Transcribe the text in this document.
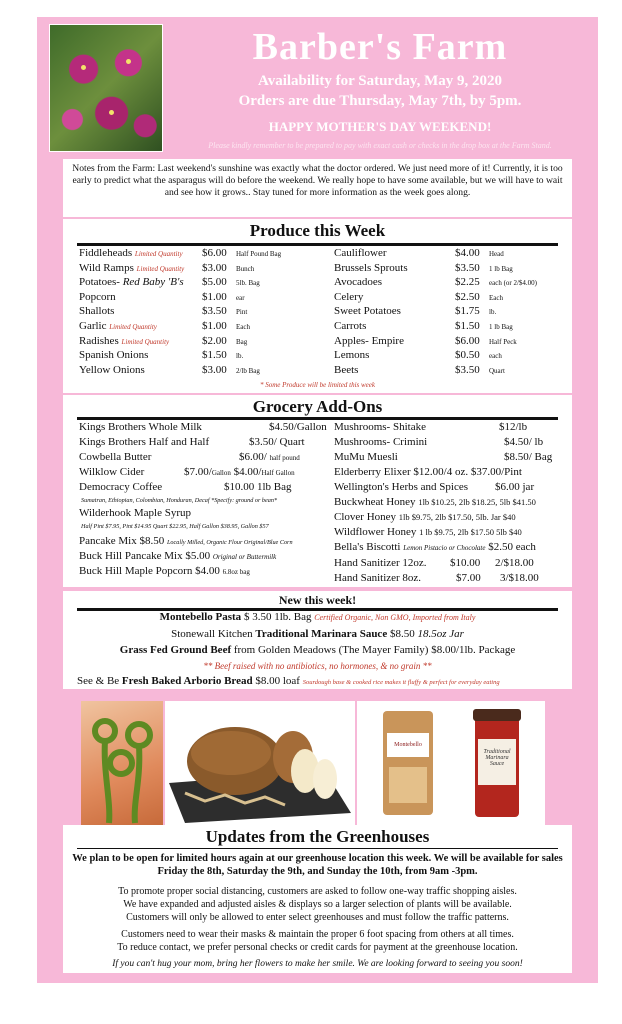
Barber's Farm
Availability for Saturday, May 9, 2020
Orders are due Thursday, May 7th, by 5pm.
HAPPY MOTHER'S DAY WEEKEND!
Please kindly remember to be prepared to pay with exact cash or checks in the drop box at the Farm Stand.
Notes from the Farm: Last weekend's sunshine was exactly what the doctor ordered. We just need more of it! Currently, it is too early to predict what the asparagus will do before the weekend. We really hope to have some available, but we will have to wait and see how it grows.. Stay tuned for more information as the week goes along.
Produce this Week
Fiddleheads Limited Quantity $6.00 Half Pound Bag
Wild Ramps Limited Quantity $3.00 Bunch
Potatoes- Red Baby 'B's $5.00 5lb. Bag
Popcorn	$1.00 ear
Shallots	$3.50 Pint
Garlic Limited Quantity	$1.00 Each
Radishes Limited Quantity	$2.00 Bag
Spanish Onions	$1.50 lb.
Yellow Onions	$3.00 2/lb Bag
Cauliflower	$4.00 Head
Brussels Sprouts	$3.50 1 lb Bag
Avocadoes	$2.25 each (or 2/$4.00)
Celery	$2.50 Each
Sweet Potatoes	$1.75 lb.
Carrots	$1.50 1 lb Bag
Apples- Empire	$6.00 Half Peck
Lemons	$0.50 each
Beets	$3.50 Quart
* Some Produce will be limited this week
Grocery Add-Ons
Kings Brothers Whole Milk	$4.50/Gallon
Kings Brothers Half and Half	$3.50/ Quart
Cowbella Butter	$6.00/ half pound
Wilklow Cider	$7.00/Gallon $4.00/Half Gallon
Democracy Coffee	$10.00 1lb Bag
Sumatran, Ethiopian, Colombian, Honduran, Decaf *Specify: ground or bean*
Wilderhook Maple Syrup
Half Pint $7.95, Pint $14.95 Quart $22.95, Half Gallon $38.95, Gallon $57
Pancake Mix $8.50 Locally Milled, Organic Flour Original/Blue Corn
Buck Hill Pancake Mix $5.00 Original or Buttermilk
Buck Hill Maple Popcorn $4.00 6.8oz bag
Mushrooms- Shitake	$12/lb
Mushrooms- Crimini	$4.50/ lb
MuMu Muesli	$8.50/ Bag
Elderberry Elixer $12.00/4 oz. $37.00/Pint
Wellington's Herbs and Spices $6.00 jar
Buckwheat Honey 1lb $10.25, 2lb $18.25, 5lb $41.50
Clover Honey 1lb $9.75, 2lb $17.50, 5lb. Jar $40
Wildflower Honey 1 lb $9.75, 2lb $17.50 5lb $40
Bella's Biscotti Lemon Pistacio or Chocolate $2.50 each
Hand Sanitizer 12oz. $10.00 2/$18.00
Hand Sanitizer 8oz.	$7.00 3/$18.00
New this week!
Montebello Pasta $ 3.50 1lb. Bag Certified Organic, Non GMO, Imported from Italy
Stonewall Kitchen Traditional Marinara Sauce $8.50 18.5oz Jar
Grass Fed Ground Beef from Golden Meadows (The Mayer Family) $8.00/1lb. Package
** Beef raised with no antibiotics, no hormones, & no grain **
See & Be Fresh Baked Arborio Bread $8.00 loaf Sourdough base & cooked rice makes it fluffy & perfect for everyday eating
Montebello
Traditional Marinara Sauce
Updates from the Greenhouses
We plan to be open for limited hours again at our greenhouse location this week. We will be available for sales Friday the 8th, Saturday the 9th, and Sunday the 10th, from 9am -3pm.
To promote proper social distancing, customers are asked to follow one-way traffic shopping aisles.
We have expanded and adjusted aisles & displays so a larger selection of plants will be available.
Customers will only be allowed to enter select greenhouses and must follow the traffic patterns.
Customers need to wear their masks & maintain the proper 6 foot spacing from others at all times.
To reduce contact, we prefer personal checks or credit cards for payment at the greenhouse location.
If you can't hug your mom, bring her flowers to make her smile. We are looking forward to seeing you soon!
